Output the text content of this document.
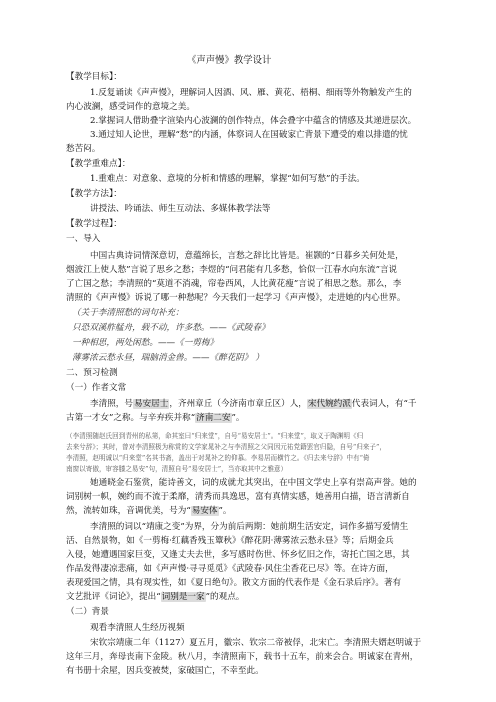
《声声慢》教学设计
【教学目标】：
1.反复诵读《声声慢》，理解词人因酒、风、雁、黄花、梧桐、细雨等外物触发产生的
内心波澜，感受词作的意境之美。
2.掌握词人借助叠字渲染内心波澜的创作特点，体会叠字中蕴含的情感及其递进层次。
3.通过知人论世，理解“愁”的内涵，体察词人在国破家亡背景下遭受的难以排遣的忧
愁苦闷。
【教学重难点】：
1.重难点：对意象、意境的分析和情感的理解，掌握“如何写愁”的手法。
【教学方法】：
讲授法、吟诵法、师生互动法、多媒体教学法等
【教学过程】：
一、导入
中国古典诗词情深意切，意蕴绵长，言愁之辞比比皆是。崔颢的“日暮乡关何处是，
烟波江上使人愁”言说了思乡之愁；李煜的“问君能有几多愁，恰似一江春水向东流”言说
了亡国之愁；李清照的“莫道不消魂，帘卷西风，人比黄花瘦”言说了相思之愁。那么，李
清照的《声声慢》诉说了哪一种愁呢？今天我们一起学习《声声慢》，走进她的内心世界。
（关于李清照愁的词句补充：
只恐双溪舴艋舟，载不动，许多愁。——《武陵春》
一种相思，两处闲愁。——《一剪梅》
薄雾浓云愁永昼，瑞脑消金兽。——《醉花阴》 ）
二、预习检测
（一）作者文常
李清照，号易安居士，齐州章丘（今济南市章丘区）人，宋代婉约派代表词人，有“千
古第一才女”之称。与辛弃疾并称“济南二安”。
（李清照随赵氏回到青州的私第，命其室曰“归来堂”，自号“易安居士”。“归来堂”，取义于陶渊明《归
去来兮辞》；其时，曾对李清照极为称赏的文学家晁补之与李清照之父同因元祐党籍罢官归隐，自号“归来子”，
李清照，赵明诚以“归来堂”名其书斋，盖出于对晁补之的仰慕。李易居而横竹之。《归去来兮辞》中有“倚
南窗以寄傲，审容膝之易安”句，清照自号“易安居士”，当亦取其中之雅意）
她通晓金石鉴赏，能诗善文，词的成就尤其突出，在中国文学史上享有崇高声誉。她的
词别树一帜，婉约而不流于柔靡，清秀而具逸思，富有真情实感，她善用白描，语言清新自
然，流转如珠，音调优美，号为“易安体”。
李清照的词以“靖康之变”为界，分为前后两期：她前期生活安定，词作多描写爱情生
活、自然景物，如《一剪梅·红藕香残玉簟秋》《醉花阴·薄雾浓云愁永昼》等；后期金兵
入侵，她遭遇国家巨变，又逢丈夫去世，多写感时伤世、怀乡忆旧之作，寄托亡国之思，其
作品发得凄凉悲痛，如《声声慢·寻寻觅觅》《武陵春·风住尘香花已尽》等。在诗方面，
表现爱国之情，具有现实性，如《夏日绝句》。散文方面的代表作是《金石录后序》。著有
文艺批评《词论》，提出“词别是一家”的观点。
（二）背景
观看李清照人生经历视频
宋钦宗靖康二年（1127）夏五月，徽宗、钦宗二帝被俘，北宋亡。李清照夫婿赵明诚于
这年三月，奔母丧南下金陵。秋八月，李清照南下，载书十五车，前来会合。明诚家在青州，
有书册十余屋，因兵变被焚，家破国亡，不幸至此。
